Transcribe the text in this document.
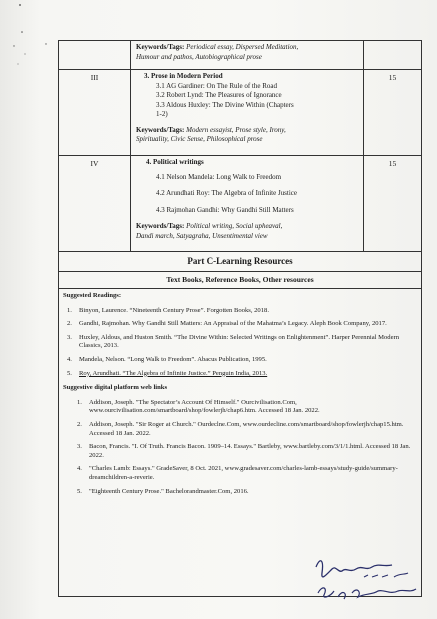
Keywords/Tags: Periodical essay, Dispersed Meditation,
Humour and pathos, Autobiographical prose
III	3. Prose in Modern Period
3.1 AG Gardiner: On The Rule of the Road
3.2 Robert Lynd: The Pleasures of Ignorance
3.3 Aldous Huxley: The Divine Within (Chapters
1-2)
Keywords/Tags: Modern essayist, Prose style, Irony,
Spirituality, Civic Sense, Philosophical prose
15
IV	4. Political writings
4.1 Nelson Mandela: Long Walk to Freedom
4.2 Arundhati Roy: The Algebra of Infinite Justice
4.3 Rajmohan Gandhi: Why Gandhi Still Matters
Keywords/Tags: Political writing, Social upheaval,
Dandi march, Satyagraha, Unsentimental view
15
Part C-Learning Resources
Text Books, Reference Books, Other resources
Suggested Readings:
1. Binyon, Laurence. “Nineteenth Century Prose”. Forgotten Books, 2018.
2. Gandhi, Rajmohan. Why Gandhi Still Matters: An Appraisal of the Mahatma’s Legacy. Aleph Book Company, 2017.
3. Huxley, Aldous, and Huston Smith. “The Divine Within: Selected Writings on Enlightenment”. Harper Perennial Modern Classics, 2013.
4. Mandela, Nelson. “Long Walk to Freedom”. Abacus Publication, 1995.
5. Roy, Arundhati. “The Algebra of Infinite Justice.” Penguin India, 2013.
Suggestive digital platform web links
1. Addison, Joseph. "The Spectator’s Account Of Himself." Ourcivilisation.Com, www.ourcivilisation.com/smartboard/shop/fowlerjh/chap6.htm. Accessed 18 Jan. 2022.
2. Addison, Joseph. "Sir Roger at Church." Ourdeclne.Com, www.ourdecline.com/smartboard/shop/fowlerjh/chap15.htm. Accessed 18 Jan. 2022.
3. Bacon, Francis. "I. Of Truth. Francis Bacon. 1909–14. Essays." Bartleby, www.bartleby.com/3/1/1.html. Accessed 18 Jan. 2022.
4. "Charles Lamb: Essays." GradeSaver, 8 Oct. 2021, www.gradesaver.com/charles-lamb-essays/study-guide/summary-dreamchildren-a-reverie.
5. "Eighteenth Century Prose." Bachelorandmaster.Com, 2016.
